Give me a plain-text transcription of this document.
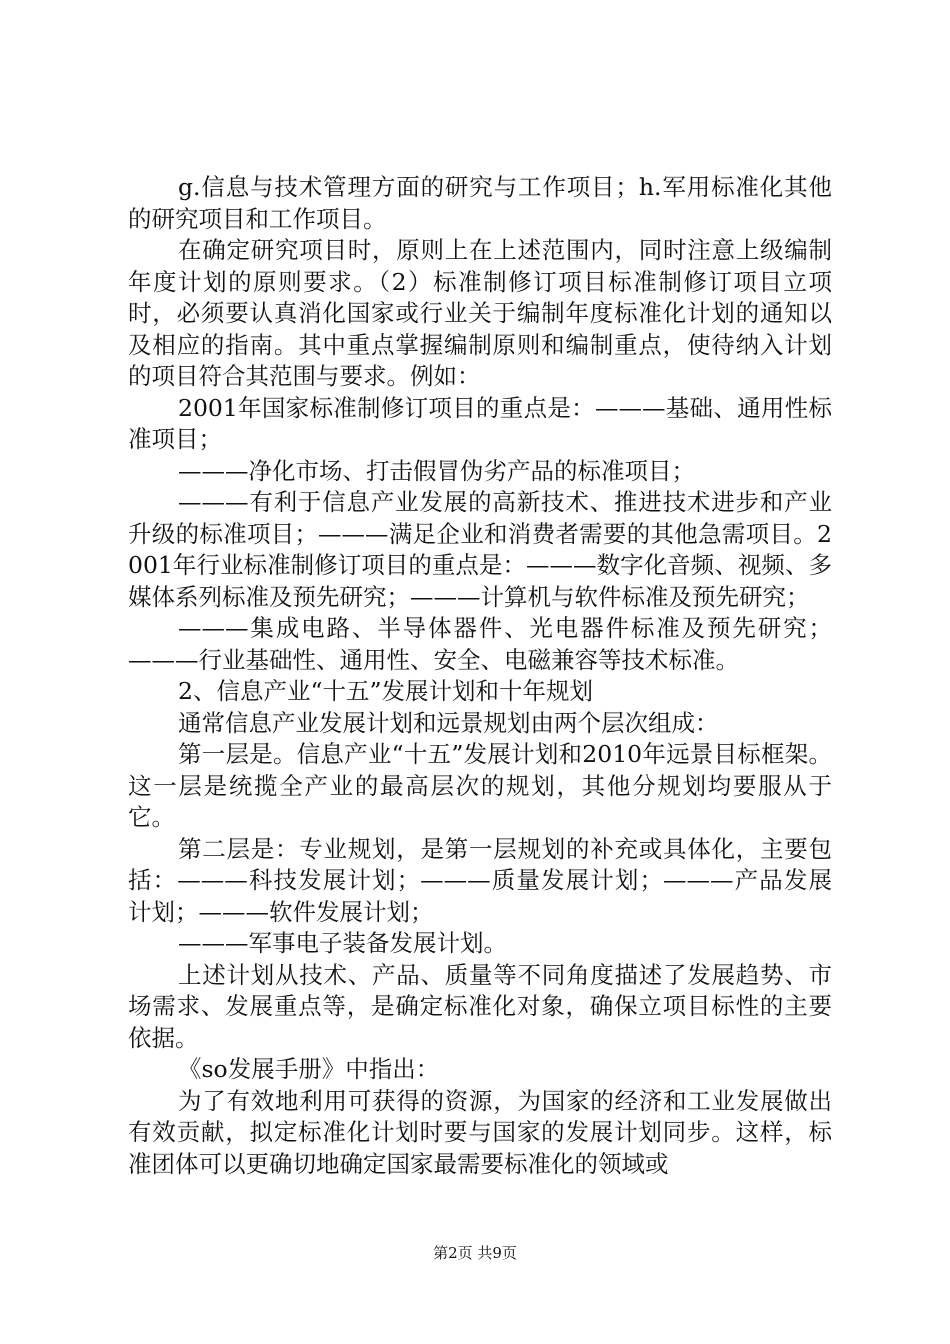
g.信息与技术管理方面的研究与工作项目；h.军用标准化其他的研究项目和工作项目。

在确定研究项目时，原则上在上述范围内，同时注意上级编制年度计划的原则要求。（2）标准制修订项目标准制修订项目立项时，必须要认真消化国家或行业关于编制年度标准化计划的通知以及相应的指南。其中重点掌握编制原则和编制重点，使待纳入计划的项目符合其范围与要求。例如：

2001年国家标准制修订项目的重点是：———基础、通用性标准项目；

———净化市场、打击假冒伪劣产品的标准项目；

———有利于信息产业发展的高新技术、推进技术进步和产业升级的标准项目；———满足企业和消费者需要的其他急需项目。2001年行业标准制修订项目的重点是：———数字化音频、视频、多媒体系列标准及预先研究；———计算机与软件标准及预先研究；

———集成电路、半导体器件、光电器件标准及预先研究；———行业基础性、通用性、安全、电磁兼容等技术标准。

2、信息产业“十五”发展计划和十年规划

通常信息产业发展计划和远景规划由两个层次组成：

第一层是。信息产业“十五”发展计划和2010年远景目标框架。这一层是统揽全产业的最高层次的规划，其他分规划均要服从于它。

第二层是：专业规划，是第一层规划的补充或具体化，主要包括：———科技发展计划；———质量发展计划；———产品发展计划；———软件发展计划；

———军事电子装备发展计划。

上述计划从技术、产品、质量等不同角度描述了发展趋势、市场需求、发展重点等，是确定标准化对象，确保立项目标性的主要依据。

《so发展手册》中指出：

为了有效地利用可获得的资源，为国家的经济和工业发展做出有效贡献，拟定标准化计划时要与国家的发展计划同步。这样，标准团体可以更确切地确定国家最需要标准化的领域或

第2页 共9页
